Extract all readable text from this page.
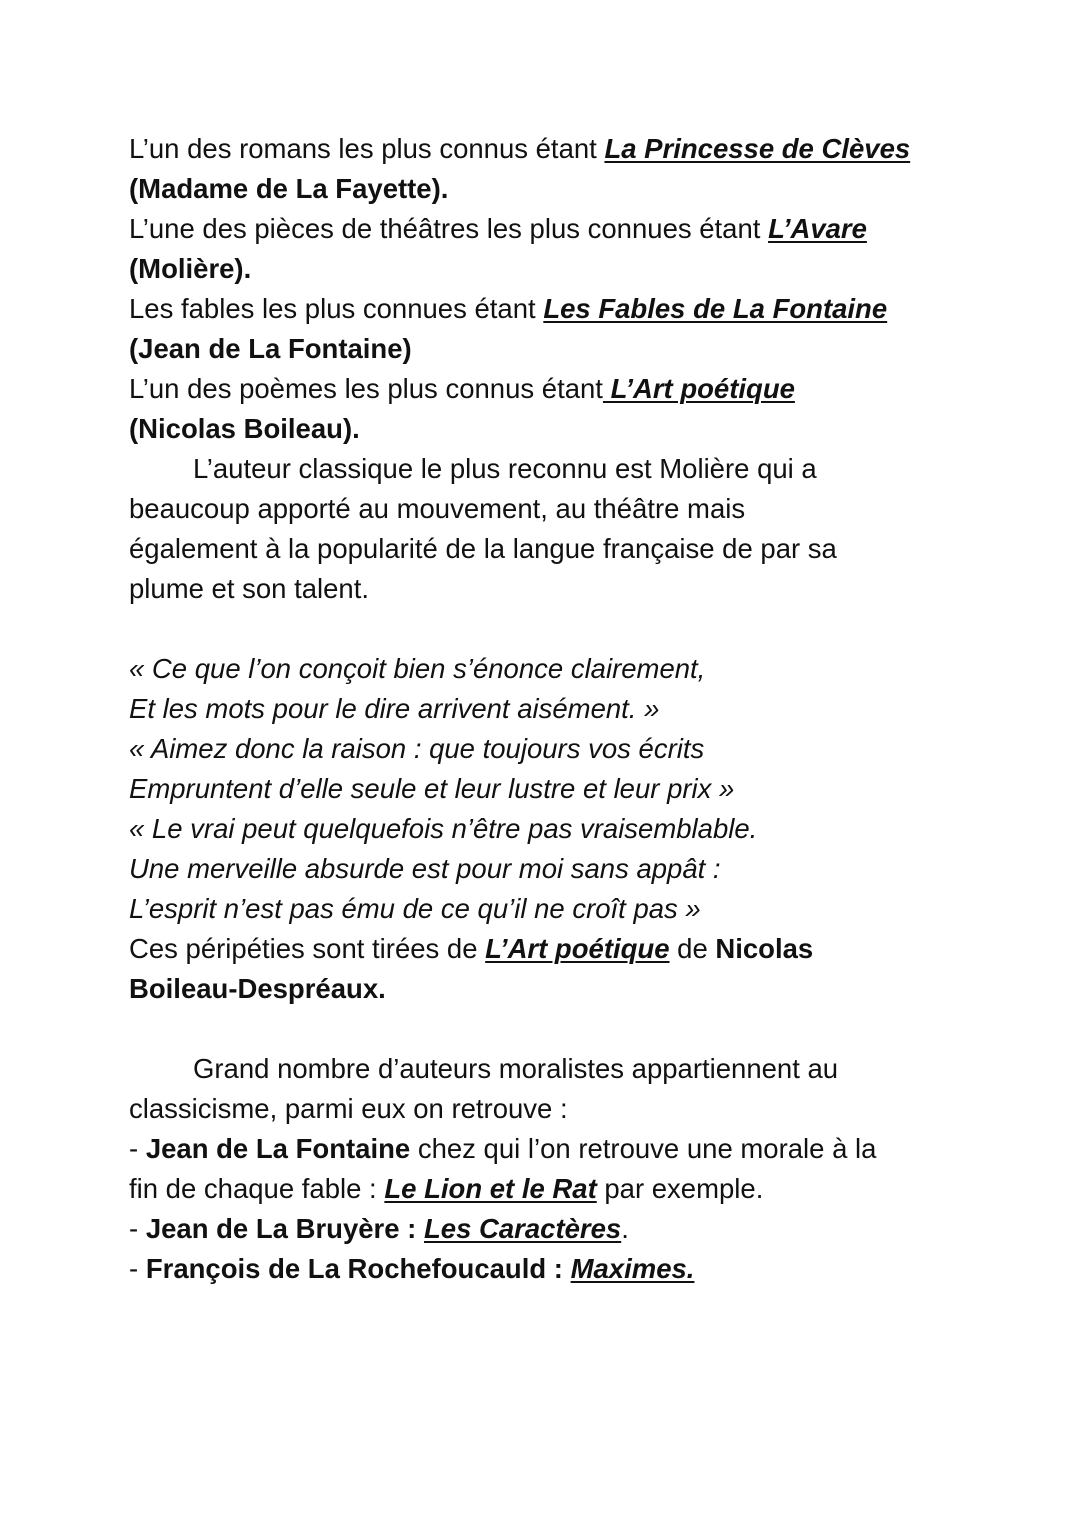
L’un des romans les plus connus étant La Princesse de Clèves
(Madame de La Fayette).
L’une des pièces de théâtres les plus connues étant L’Avare
(Molière).
Les fables les plus connues étant Les Fables de La Fontaine
(Jean de La Fontaine)
L’un des poèmes les plus connus étant L’Art poétique
(Nicolas Boileau).
L’auteur classique le plus reconnu est Molière qui a
beaucoup apporté au mouvement, au théâtre mais
également à la popularité de la langue française de par sa
plume et son talent.
« Ce que l’on conçoit bien s’énonce clairement,
Et les mots pour le dire arrivent aisément. »
« Aimez donc la raison : que toujours vos écrits
Empruntent d’elle seule et leur lustre et leur prix »
« Le vrai peut quelquefois n’être pas vraisemblable.
Une merveille absurde est pour moi sans appât :
L’esprit n’est pas ému de ce qu’il ne croît pas »
Ces péripéties sont tirées de L’Art poétique de Nicolas
Boileau-Despréaux.
Grand nombre d’auteurs moralistes appartiennent au
classicisme, parmi eux on retrouve :
- Jean de La Fontaine chez qui l’on retrouve une morale à la
fin de chaque fable : Le Lion et le Rat par exemple.
- Jean de La Bruyère : Les Caractères.
- François de La Rochefoucauld : Maximes.
